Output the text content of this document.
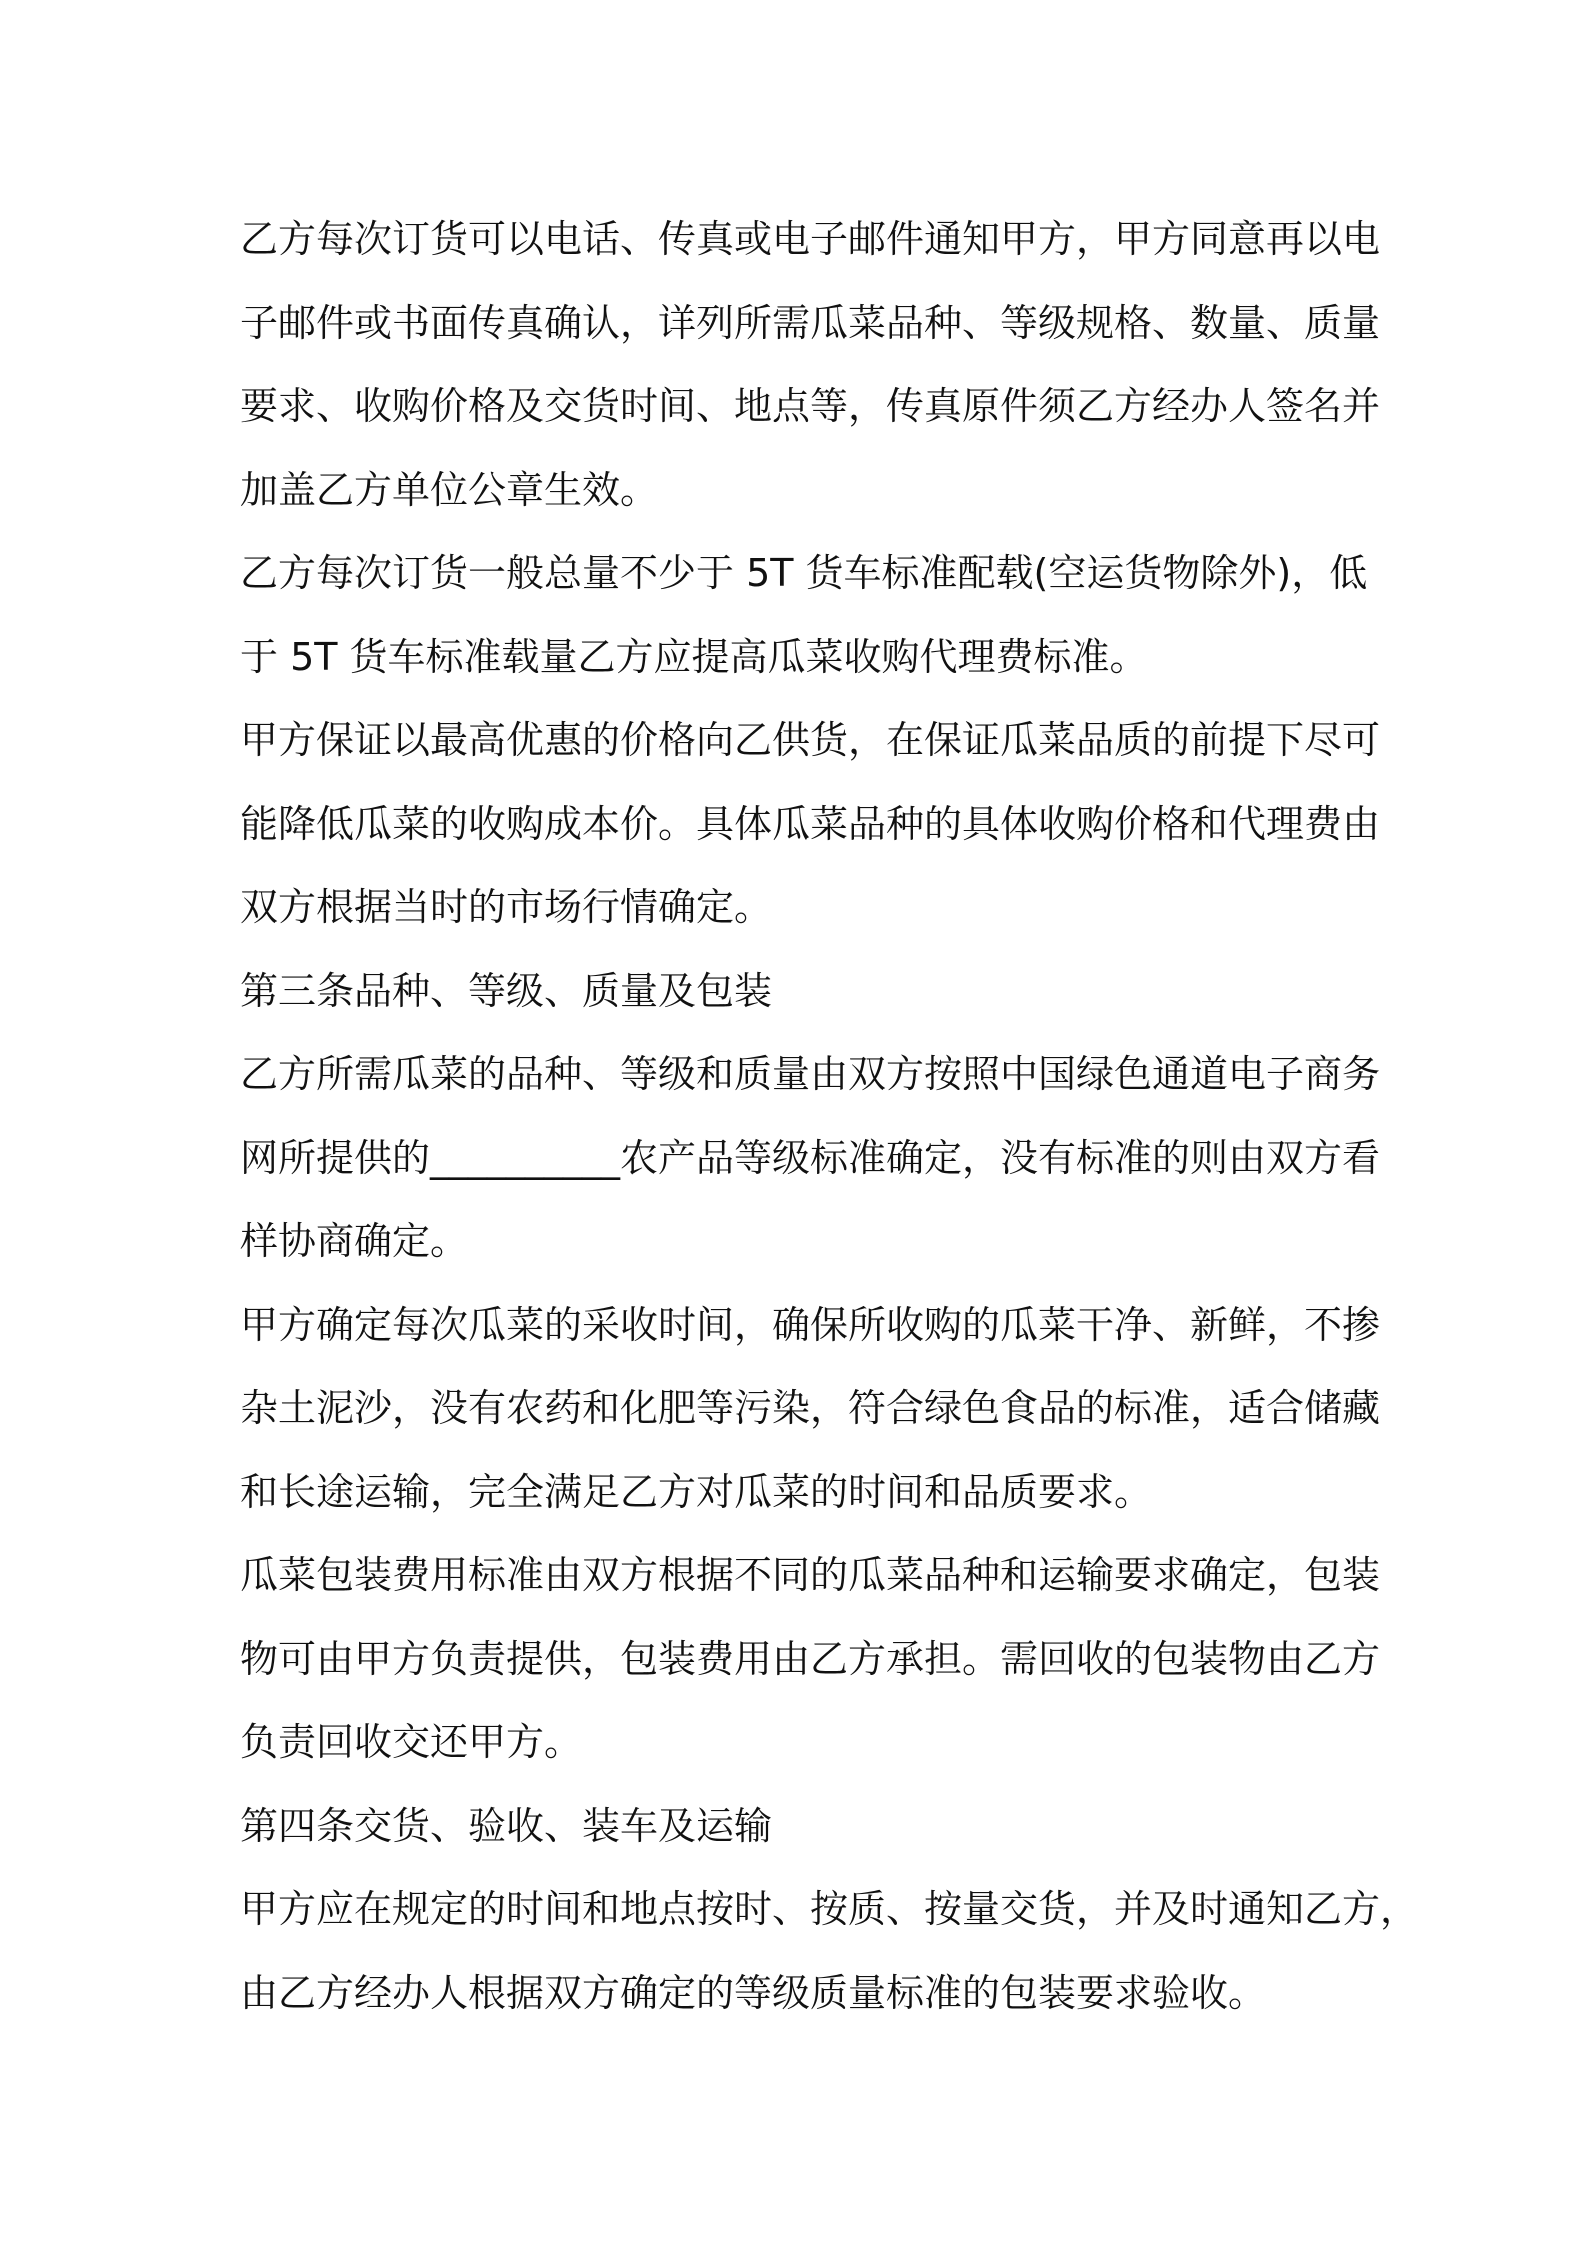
乙方每次订货可以电话、传真或电子邮件通知甲方，甲方同意再以电
子邮件或书面传真确认，详列所需瓜菜品种、等级规格、数量、质量
要求、收购价格及交货时间、地点等，传真原件须乙方经办人签名并
加盖乙方单位公章生效。
乙方每次订货一般总量不少于 5T 货车标准配载(空运货物除外)，低
于 5T 货车标准载量乙方应提高瓜菜收购代理费标准。
甲方保证以最高优惠的价格向乙供货，在保证瓜菜品质的前提下尽可
能降低瓜菜的收购成本价。具体瓜菜品种的具体收购价格和代理费由
双方根据当时的市场行情确定。
第三条品种、等级、质量及包装
乙方所需瓜菜的品种、等级和质量由双方按照中国绿色通道电子商务
网所提供的__________农产品等级标准确定，没有标准的则由双方看
样协商确定。
甲方确定每次瓜菜的采收时间，确保所收购的瓜菜干净、新鲜，不掺
杂土泥沙，没有农药和化肥等污染，符合绿色食品的标准，适合储藏
和长途运输，完全满足乙方对瓜菜的时间和品质要求。
瓜菜包装费用标准由双方根据不同的瓜菜品种和运输要求确定，包装
物可由甲方负责提供，包装费用由乙方承担。需回收的包装物由乙方
负责回收交还甲方。
第四条交货、验收、装车及运输
甲方应在规定的时间和地点按时、按质、按量交货，并及时通知乙方，
由乙方经办人根据双方确定的等级质量标准的包装要求验收。
